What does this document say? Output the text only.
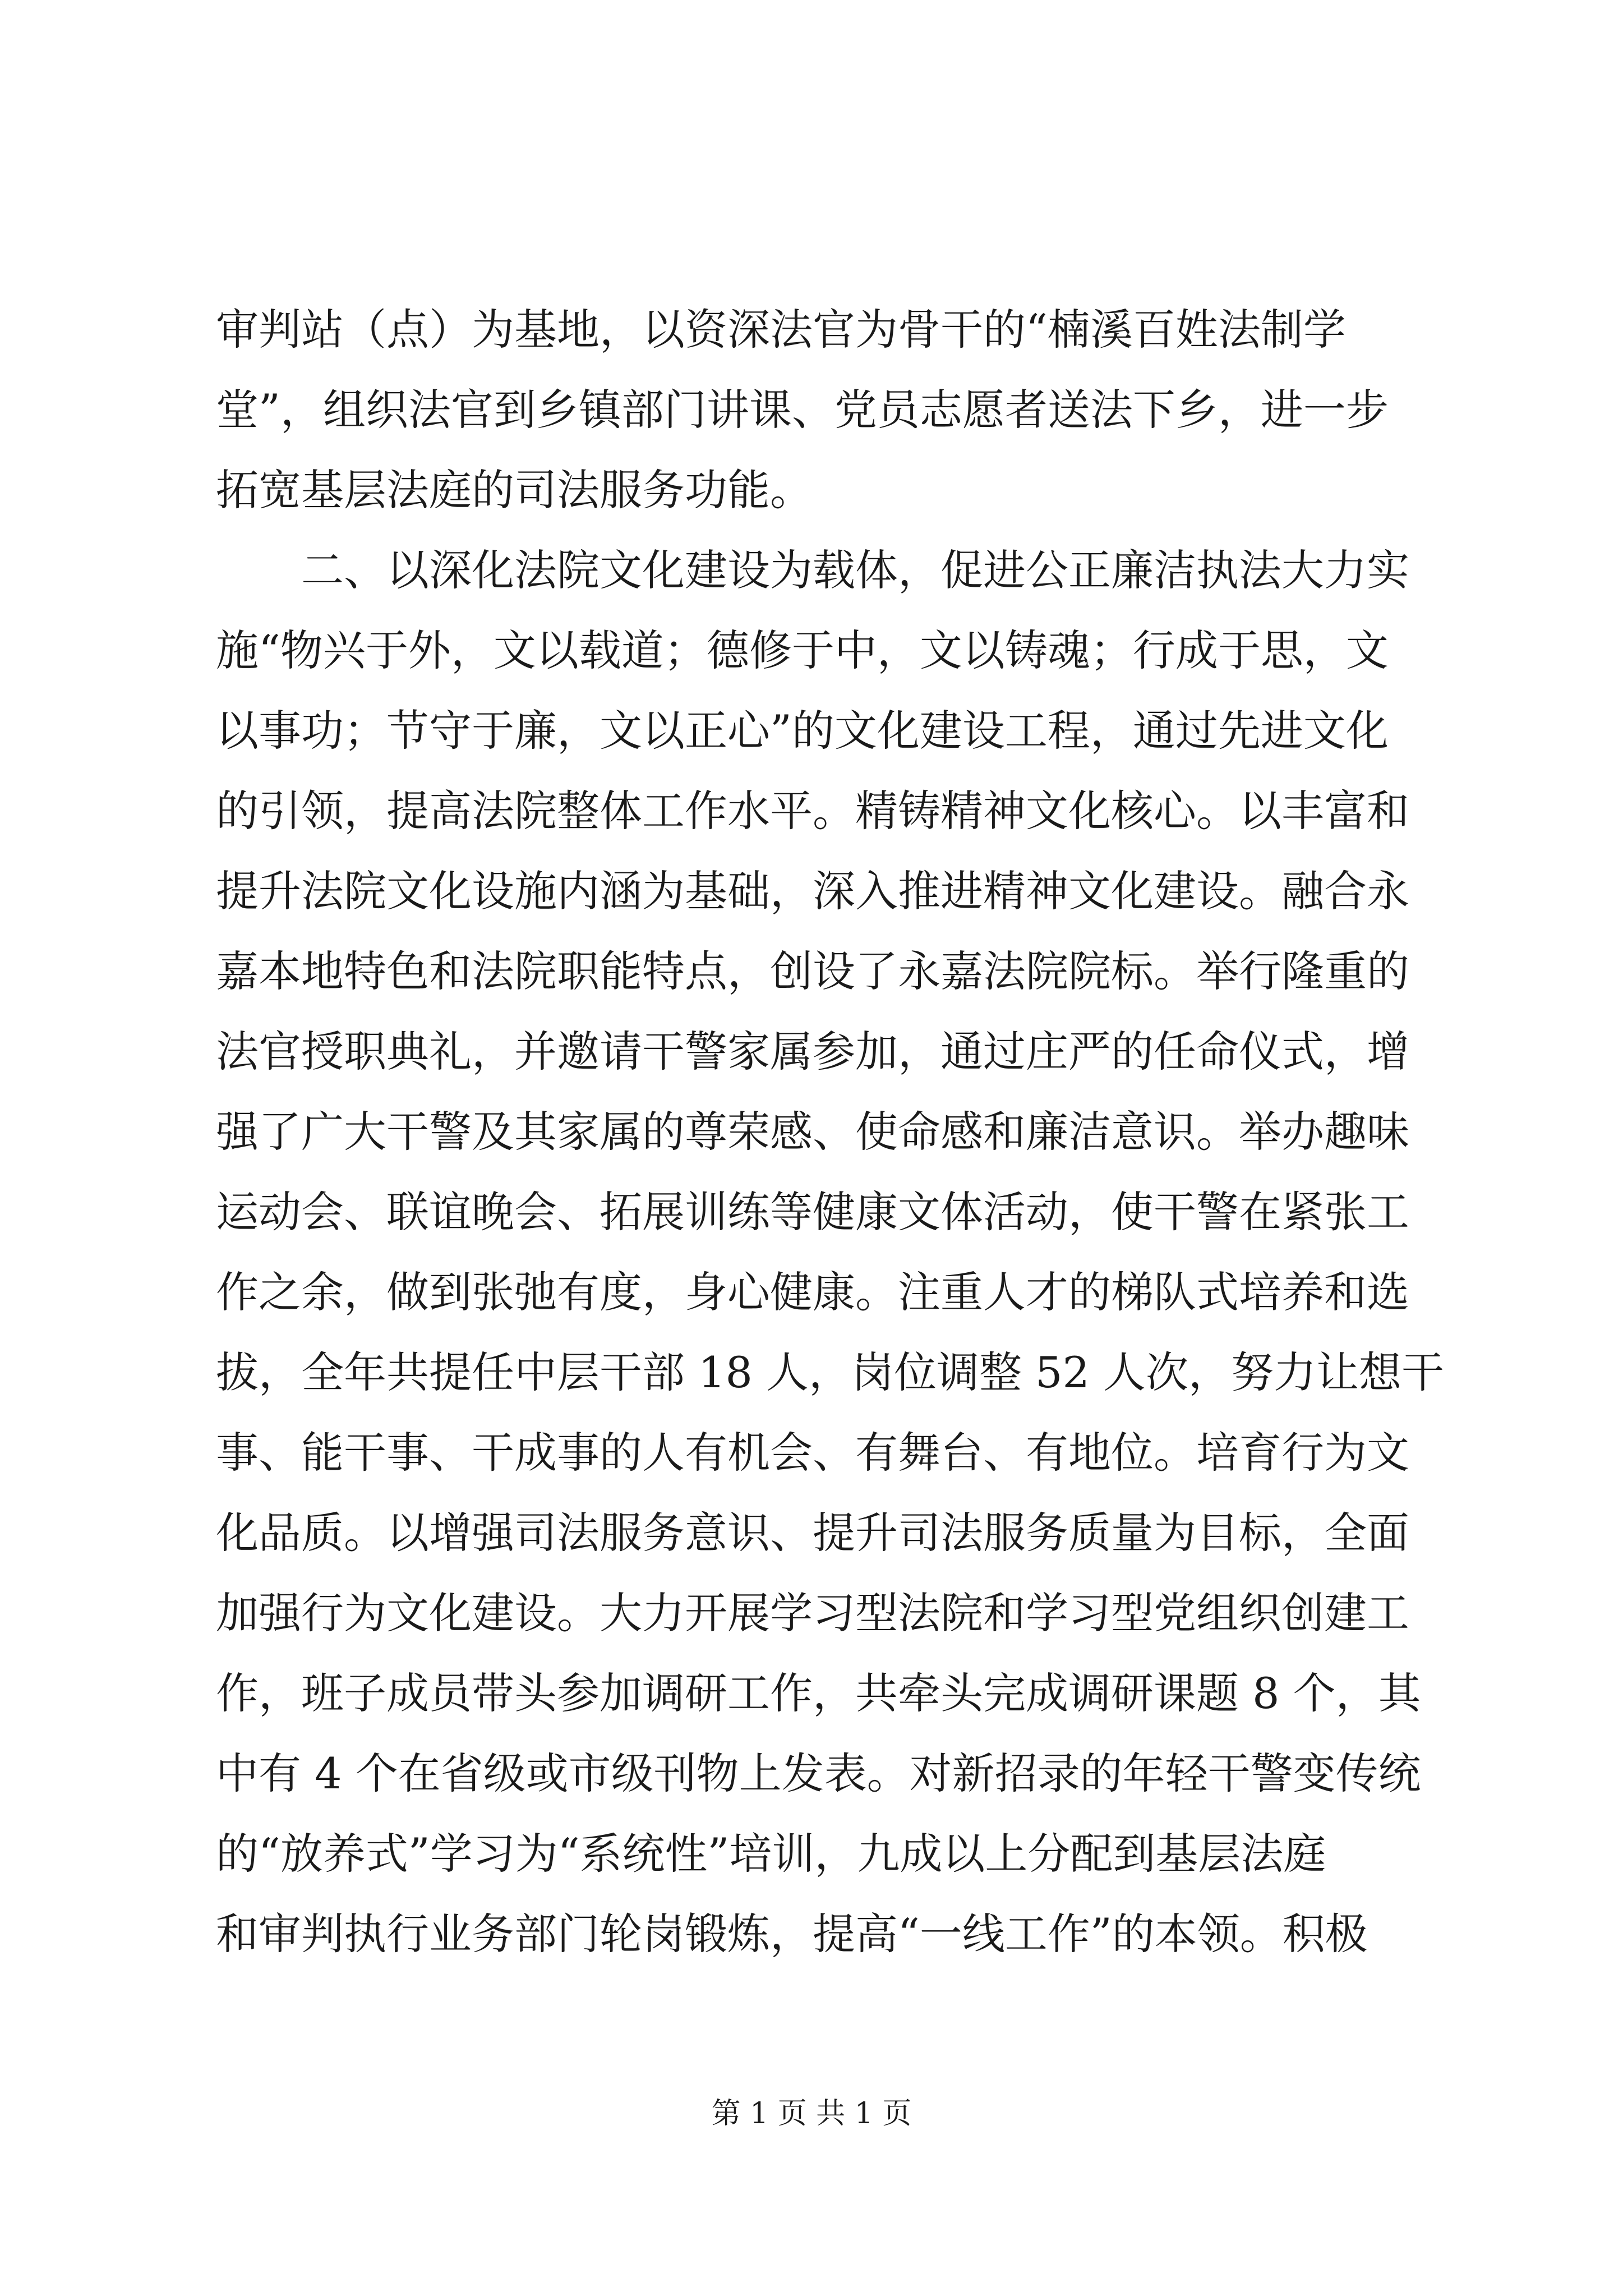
审判站（点）为基地，以资深法官为骨干的“楠溪百姓法制学

堂”，组织法官到乡镇部门讲课、党员志愿者送法下乡，进一步

拓宽基层法庭的司法服务功能。

　　二、以深化法院文化建设为载体，促进公正廉洁执法大力实

施“物兴于外，文以载道；德修于中，文以铸魂；行成于思，文

以事功；节守于廉，文以正心”的文化建设工程，通过先进文化

的引领，提高法院整体工作水平。精铸精神文化核心。以丰富和

提升法院文化设施内涵为基础，深入推进精神文化建设。融合永

嘉本地特色和法院职能特点，创设了永嘉法院院标。举行隆重的

法官授职典礼，并邀请干警家属参加，通过庄严的任命仪式，增

强了广大干警及其家属的尊荣感、使命感和廉洁意识。举办趣味

运动会、联谊晚会、拓展训练等健康文体活动，使干警在紧张工

作之余，做到张弛有度，身心健康。注重人才的梯队式培养和选

拔，全年共提任中层干部 18 人，岗位调整 52 人次，努力让想干

事、能干事、干成事的人有机会、有舞台、有地位。培育行为文

化品质。以增强司法服务意识、提升司法服务质量为目标，全面

加强行为文化建设。大力开展学习型法院和学习型党组织创建工

作，班子成员带头参加调研工作，共牵头完成调研课题 8 个，其

中有 4 个在省级或市级刊物上发表。对新招录的年轻干警变传统

的“放养式”学习为“系统性”培训，九成以上分配到基层法庭

和审判执行业务部门轮岗锻炼，提高“一线工作”的本领。积极

第 1 页 共 1 页
